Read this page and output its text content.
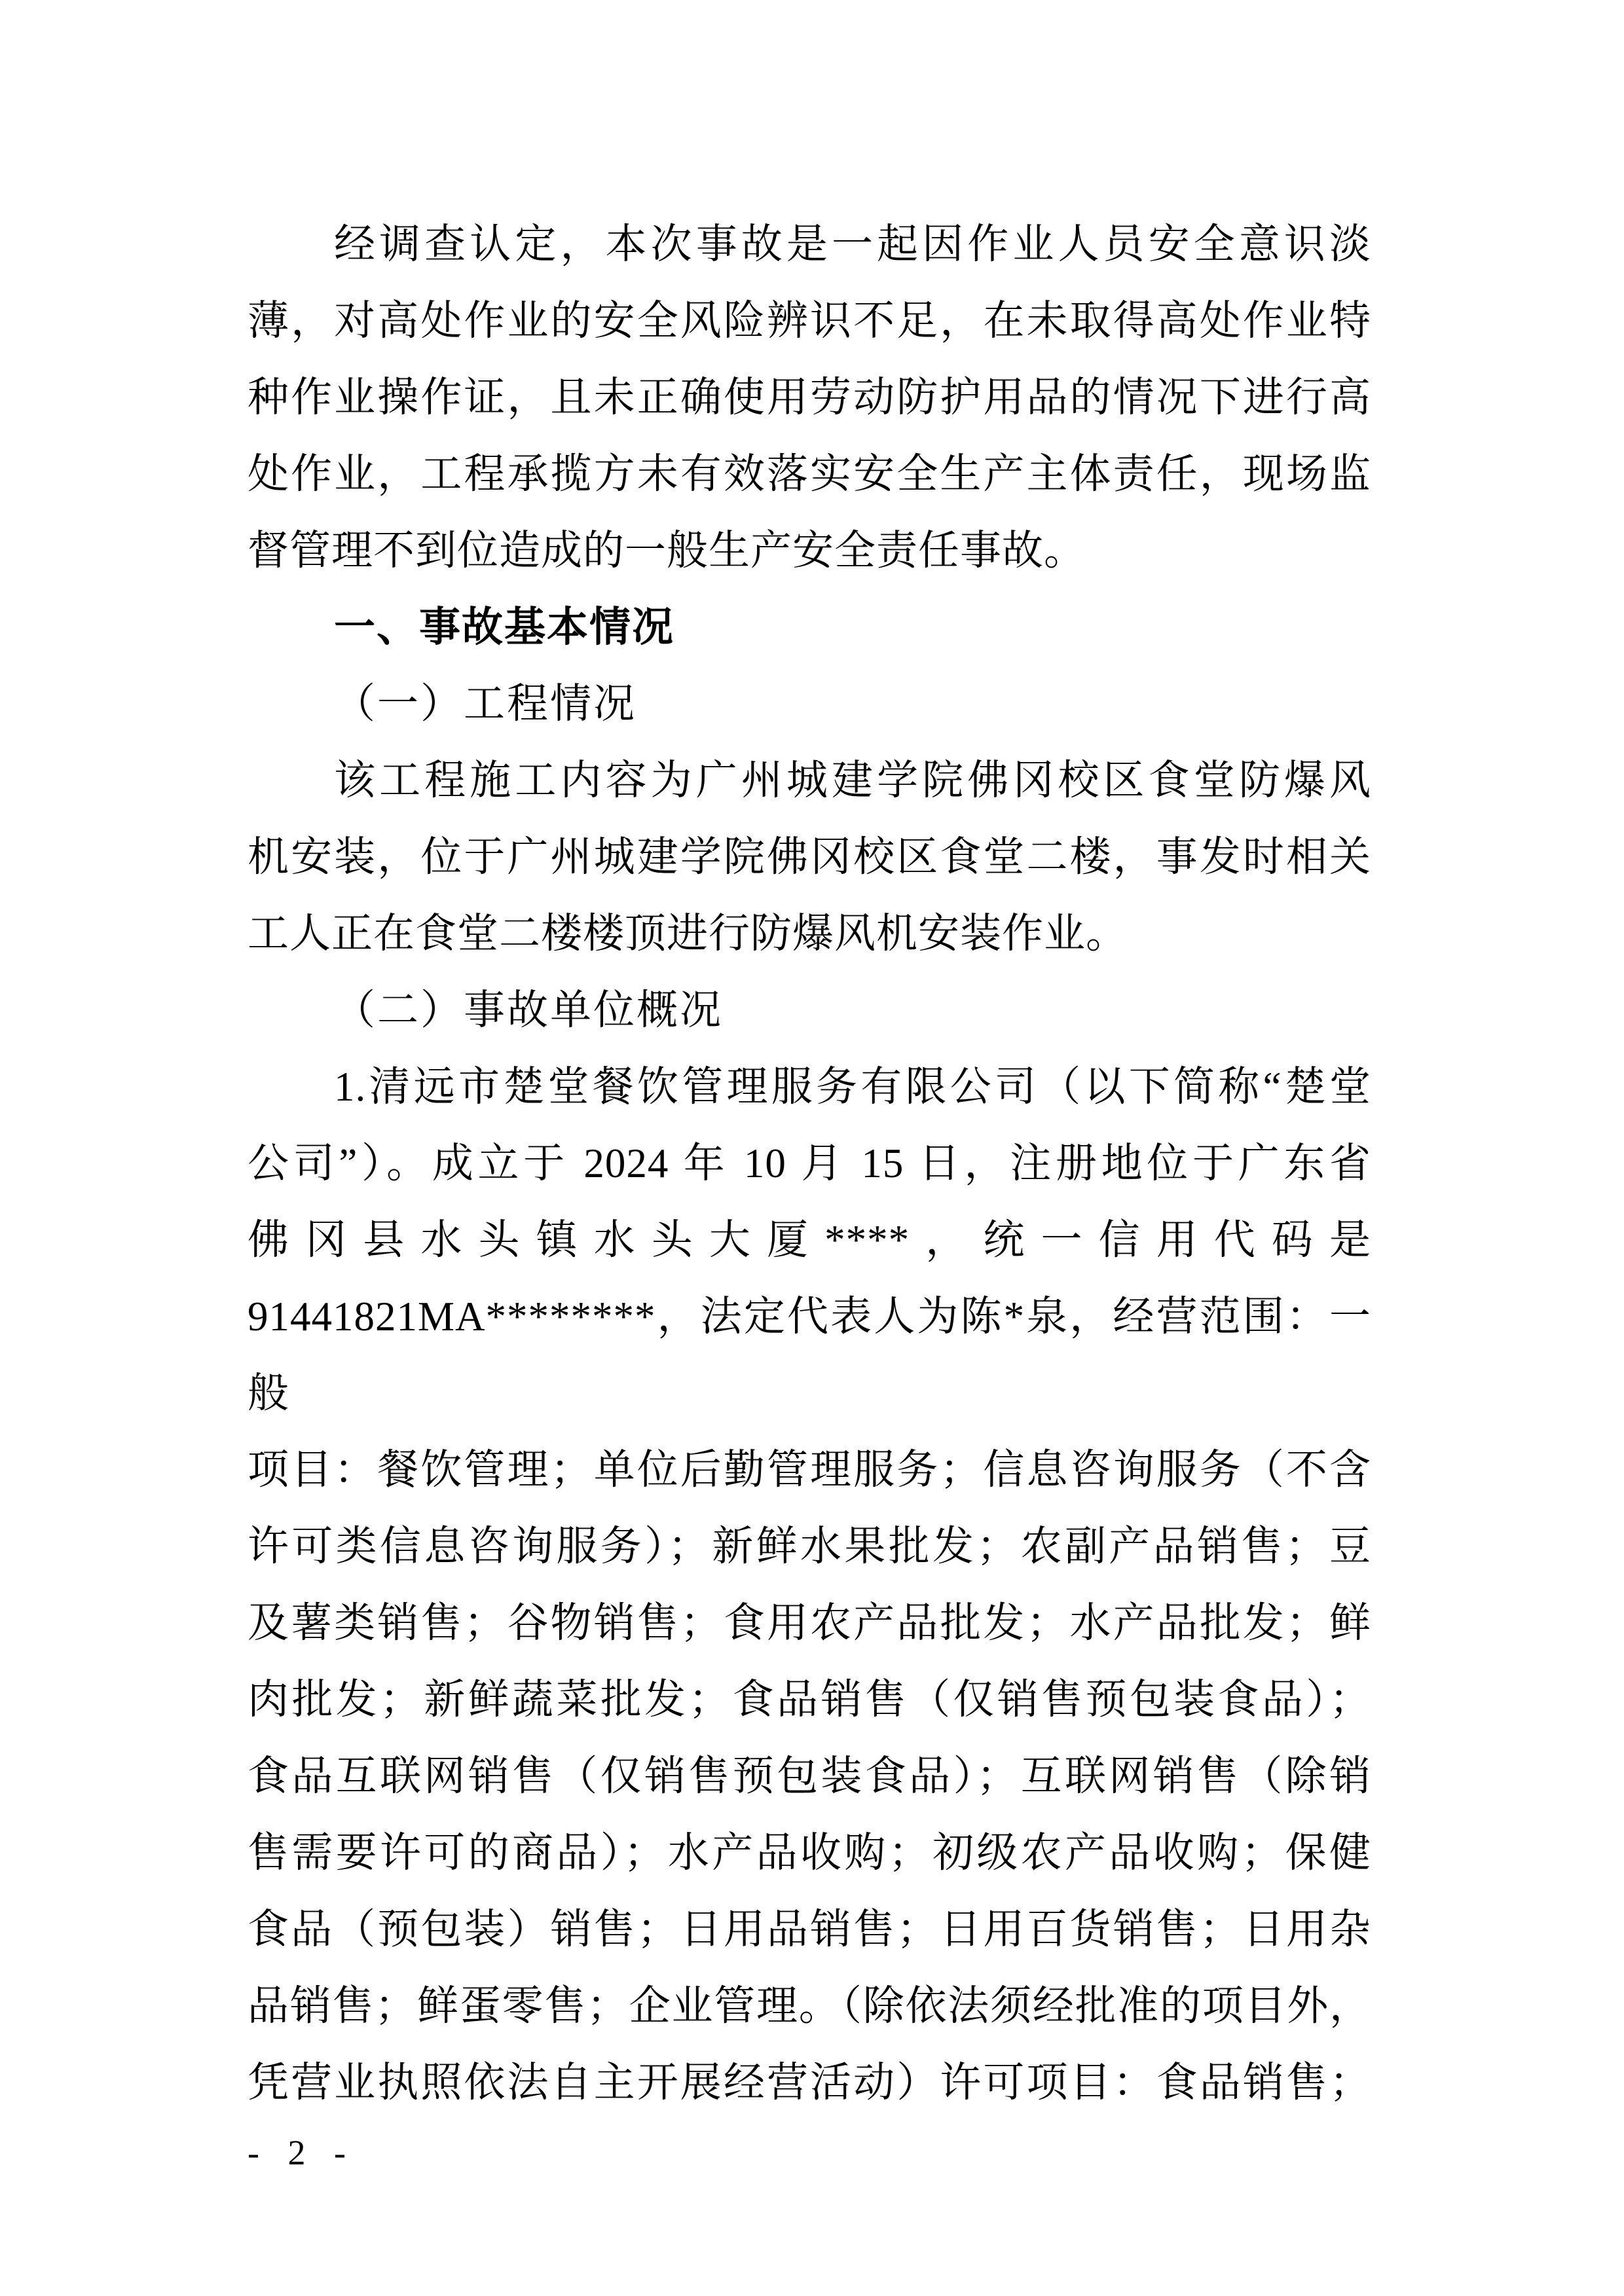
经调查认定，本次事故是一起因作业人员安全意识淡
薄，对高处作业的安全风险辨识不足，在未取得高处作业特
种作业操作证，且未正确使用劳动防护用品的情况下进行高
处作业，工程承揽方未有效落实安全生产主体责任，现场监
督管理不到位造成的一般生产安全责任事故。
一、事故基本情况
（一）工程情况
该工程施工内容为广州城建学院佛冈校区食堂防爆风
机安装，位于广州城建学院佛冈校区食堂二楼，事发时相关
工人正在食堂二楼楼顶进行防爆风机安装作业。
（二）事故单位概况
1.清远市楚堂餐饮管理服务有限公司（以下简称“楚堂
公司”）。成立于 2024 年 10 月 15 日，注册地位于广东省
佛冈县水头镇水头大厦****，统一信用代码是
91441821MA********，法定代表人为陈*泉，经营范围：一般
项目：餐饮管理；单位后勤管理服务；信息咨询服务（不含
许可类信息咨询服务）；新鲜水果批发；农副产品销售；豆
及薯类销售；谷物销售；食用农产品批发；水产品批发；鲜
肉批发；新鲜蔬菜批发；食品销售（仅销售预包装食品）；
食品互联网销售（仅销售预包装食品）；互联网销售（除销
售需要许可的商品）；水产品收购；初级农产品收购；保健
食品（预包装）销售；日用品销售；日用百货销售；日用杂
品销售；鲜蛋零售；企业管理。（除依法须经批准的项目外，
凭营业执照依法自主开展经营活动）许可项目：食品销售；
- 2 -
